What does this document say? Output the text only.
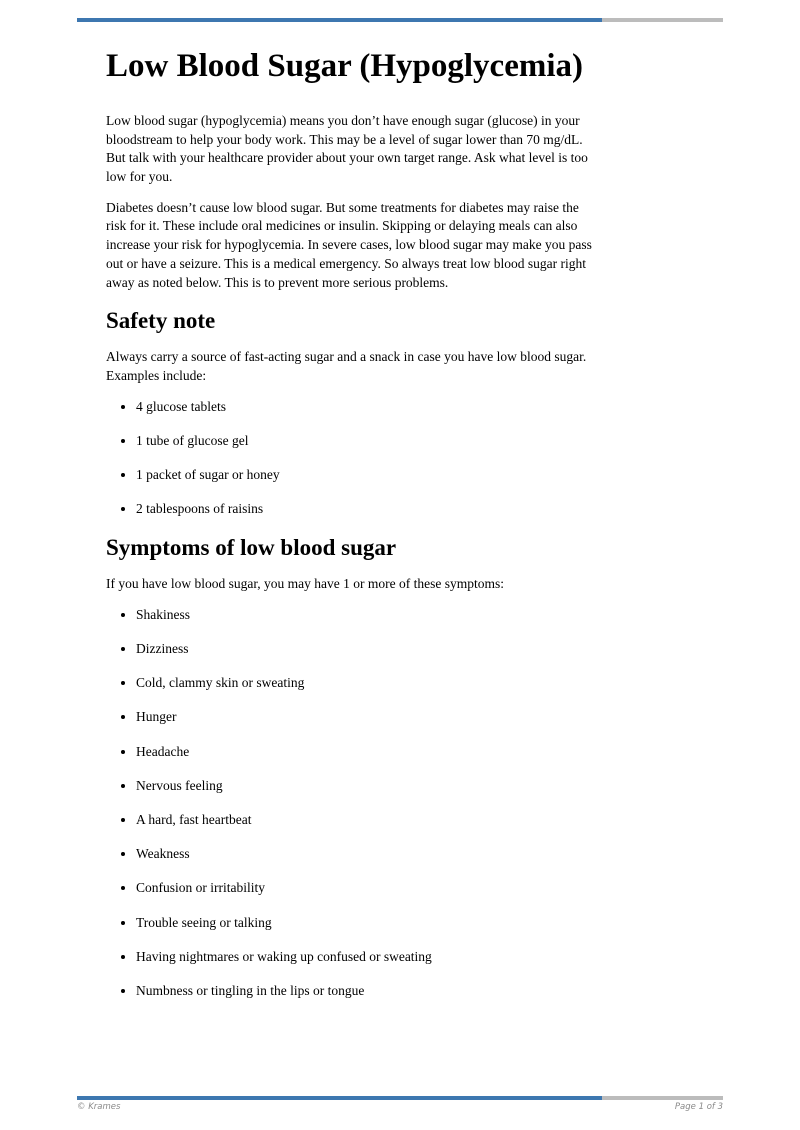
Low Blood Sugar (Hypoglycemia)

Low blood sugar (hypoglycemia) means you don’t have enough sugar (glucose) in your bloodstream to help your body work. This may be a level of sugar lower than 70 mg/dL. But talk with your healthcare provider about your own target range. Ask what level is too low for you.

Diabetes doesn’t cause low blood sugar. But some treatments for diabetes may raise the risk for it. These include oral medicines or insulin. Skipping or delaying meals can also increase your risk for hypoglycemia. In severe cases, low blood sugar may make you pass out or have a seizure. This is a medical emergency. So always treat low blood sugar right away as noted below. This is to prevent more serious problems.

Safety note

Always carry a source of fast-acting sugar and a snack in case you have low blood sugar. Examples include:

• 4 glucose tablets
• 1 tube of glucose gel
• 1 packet of sugar or honey
• 2 tablespoons of raisins
Symptoms of low blood sugar

If you have low blood sugar, you may have 1 or more of these symptoms:

• Shakiness
• Dizziness
• Cold, clammy skin or sweating
• Hunger
• Headache
• Nervous feeling
• A hard, fast heartbeat
• Weakness
• Confusion or irritability
• Trouble seeing or talking
• Having nightmares or waking up confused or sweating
• Numbness or tingling in the lips or tongue
© Krames	Page 1 of 3
